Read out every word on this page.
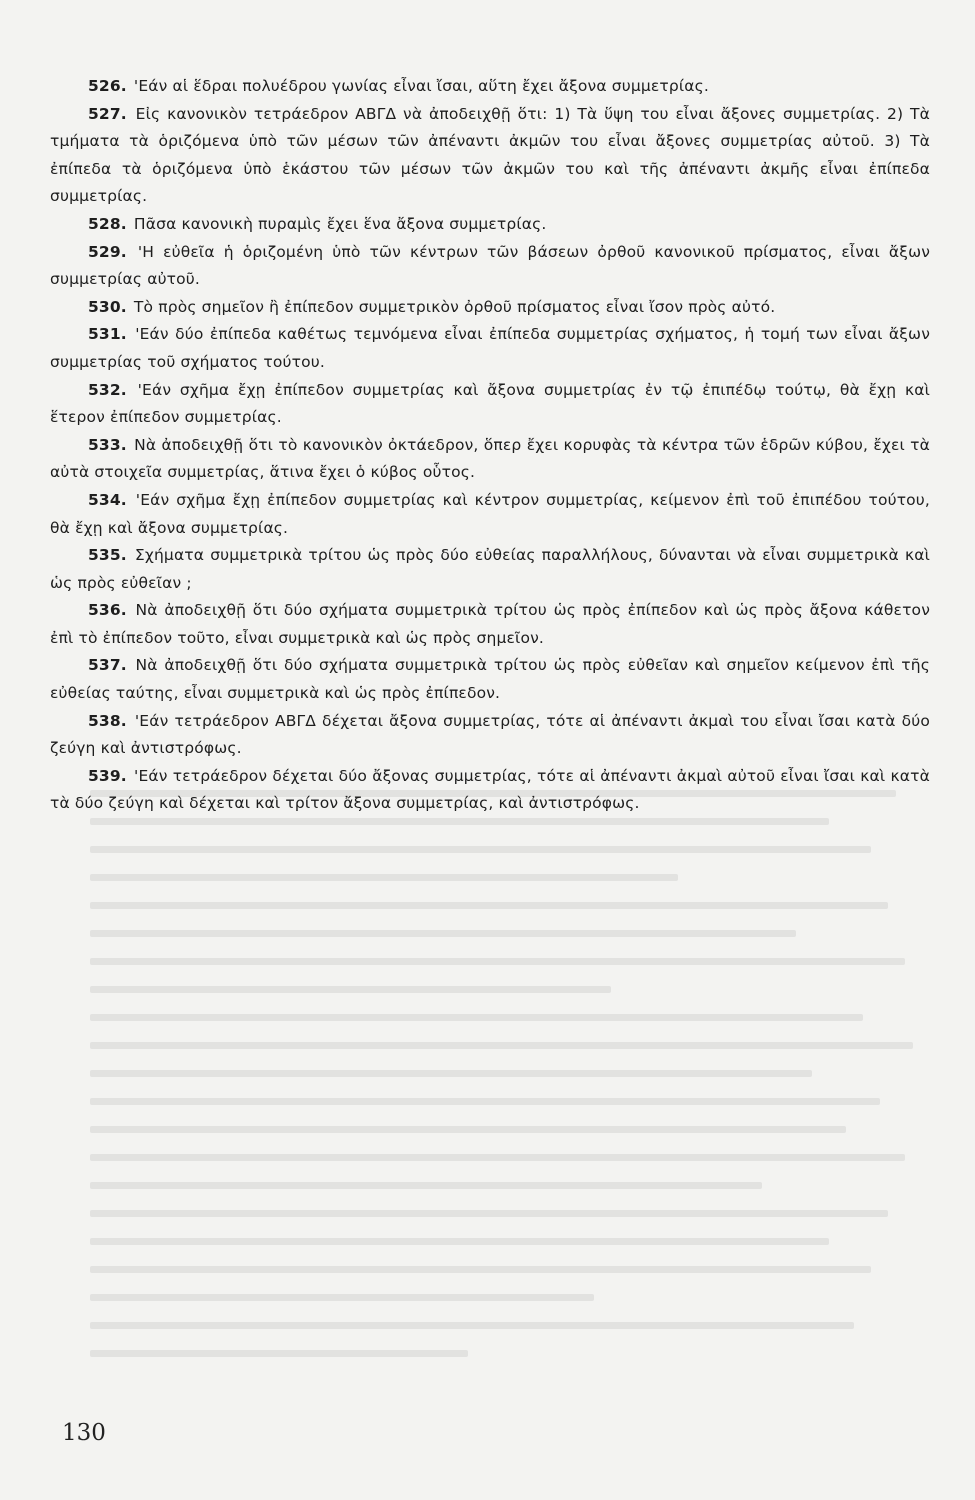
526. 'Εάν αἱ ἕδραι πολυέδρου γωνίας εἶναι ἴσαι, αὕτη ἔχει ἄξονα συμμετρίας.

527. Εἰς κανονικὸν τετράεδρον ΑΒΓΔ νὰ ἀποδειχθῇ ὅτι: 1) Τὰ ὕψη του εἶναι ἄξονες συμμετρίας. 2) Τὰ τμήματα τὰ ὁριζόμενα ὑπὸ τῶν μέσων τῶν ἀπέναντι ἀκμῶν του εἶναι ἄξονες συμμετρίας αὐτοῦ. 3) Τὰ ἐπίπεδα τὰ ὁριζόμενα ὑπὸ ἑκάστου τῶν μέσων τῶν ἀκμῶν του καὶ τῆς ἀπέναντι ἀκμῆς εἶναι ἐπίπεδα συμμετρίας.

528. Πᾶσα κανονικὴ πυραμὶς ἔχει ἕνα ἄξονα συμμετρίας.

529. 'Η εὐθεῖα ἡ ὁριζομένη ὑπὸ τῶν κέντρων τῶν βάσεων ὀρθοῦ κανονικοῦ πρίσματος, εἶναι ἄξων συμμετρίας αὐτοῦ.

530. Τὸ πρὸς σημεῖον ἢ ἐπίπεδον συμμετρικὸν ὀρθοῦ πρίσματος εἶναι ἴσον πρὸς αὐτό.

531. 'Εάν δύο ἐπίπεδα καθέτως τεμνόμενα εἶναι ἐπίπεδα συμμετρίας σχήματος, ἡ τομή των εἶναι ἄξων συμμετρίας τοῦ σχήματος τούτου.

532. 'Εάν σχῆμα ἔχῃ ἐπίπεδον συμμετρίας καὶ ἄξονα συμμετρίας ἐν τῷ ἐπιπέδῳ τούτῳ, θὰ ἔχῃ καὶ ἕτερον ἐπίπεδον συμμετρίας.

533. Νὰ ἀποδειχθῇ ὅτι τὸ κανονικὸν ὀκτάεδρον, ὅπερ ἔχει κορυφὰς τὰ κέντρα τῶν ἑδρῶν κύβου, ἔχει τὰ αὐτὰ στοιχεῖα συμμετρίας, ἅτινα ἔχει ὁ κύβος οὗτος.

534. 'Εάν σχῆμα ἔχῃ ἐπίπεδον συμμετρίας καὶ κέντρον συμμετρίας, κείμενον ἐπὶ τοῦ ἐπιπέδου τούτου, θὰ ἔχῃ καὶ ἄξονα συμμετρίας.

535. Σχήματα συμμετρικὰ τρίτου ὡς πρὸς δύο εὐθείας παραλλήλους, δύνανται νὰ εἶναι συμμετρικὰ καὶ ὡς πρὸς εὐθεῖαν ;

536. Νὰ ἀποδειχθῇ ὅτι δύο σχήματα συμμετρικὰ τρίτου ὡς πρὸς ἐπίπεδον καὶ ὡς πρὸς ἄξονα κάθετον ἐπὶ τὸ ἐπίπεδον τοῦτο, εἶναι συμμετρικὰ καὶ ὡς πρὸς σημεῖον.

537. Νὰ ἀποδειχθῇ ὅτι δύο σχήματα συμμετρικὰ τρίτου ὡς πρὸς εὐθεῖαν καὶ σημεῖον κείμενον ἐπὶ τῆς εὐθείας ταύτης, εἶναι συμμετρικὰ καὶ ὡς πρὸς ἐπίπεδον.

538. 'Εάν τετράεδρον ΑΒΓΔ δέχεται ἄξονα συμμετρίας, τότε αἱ ἀπέναντι ἀκμαὶ του εἶναι ἴσαι κατὰ δύο ζεύγη καὶ ἀντιστρόφως.

539. 'Εάν τετράεδρον δέχεται δύο ἄξονας συμμετρίας, τότε αἱ ἀπέναντι ἀκμαὶ αὐτοῦ εἶναι ἴσαι καὶ κατὰ τὰ δύο ζεύγη καὶ δέχεται καὶ τρίτον ἄξονα συμμετρίας, καὶ ἀντιστρόφως.

130
